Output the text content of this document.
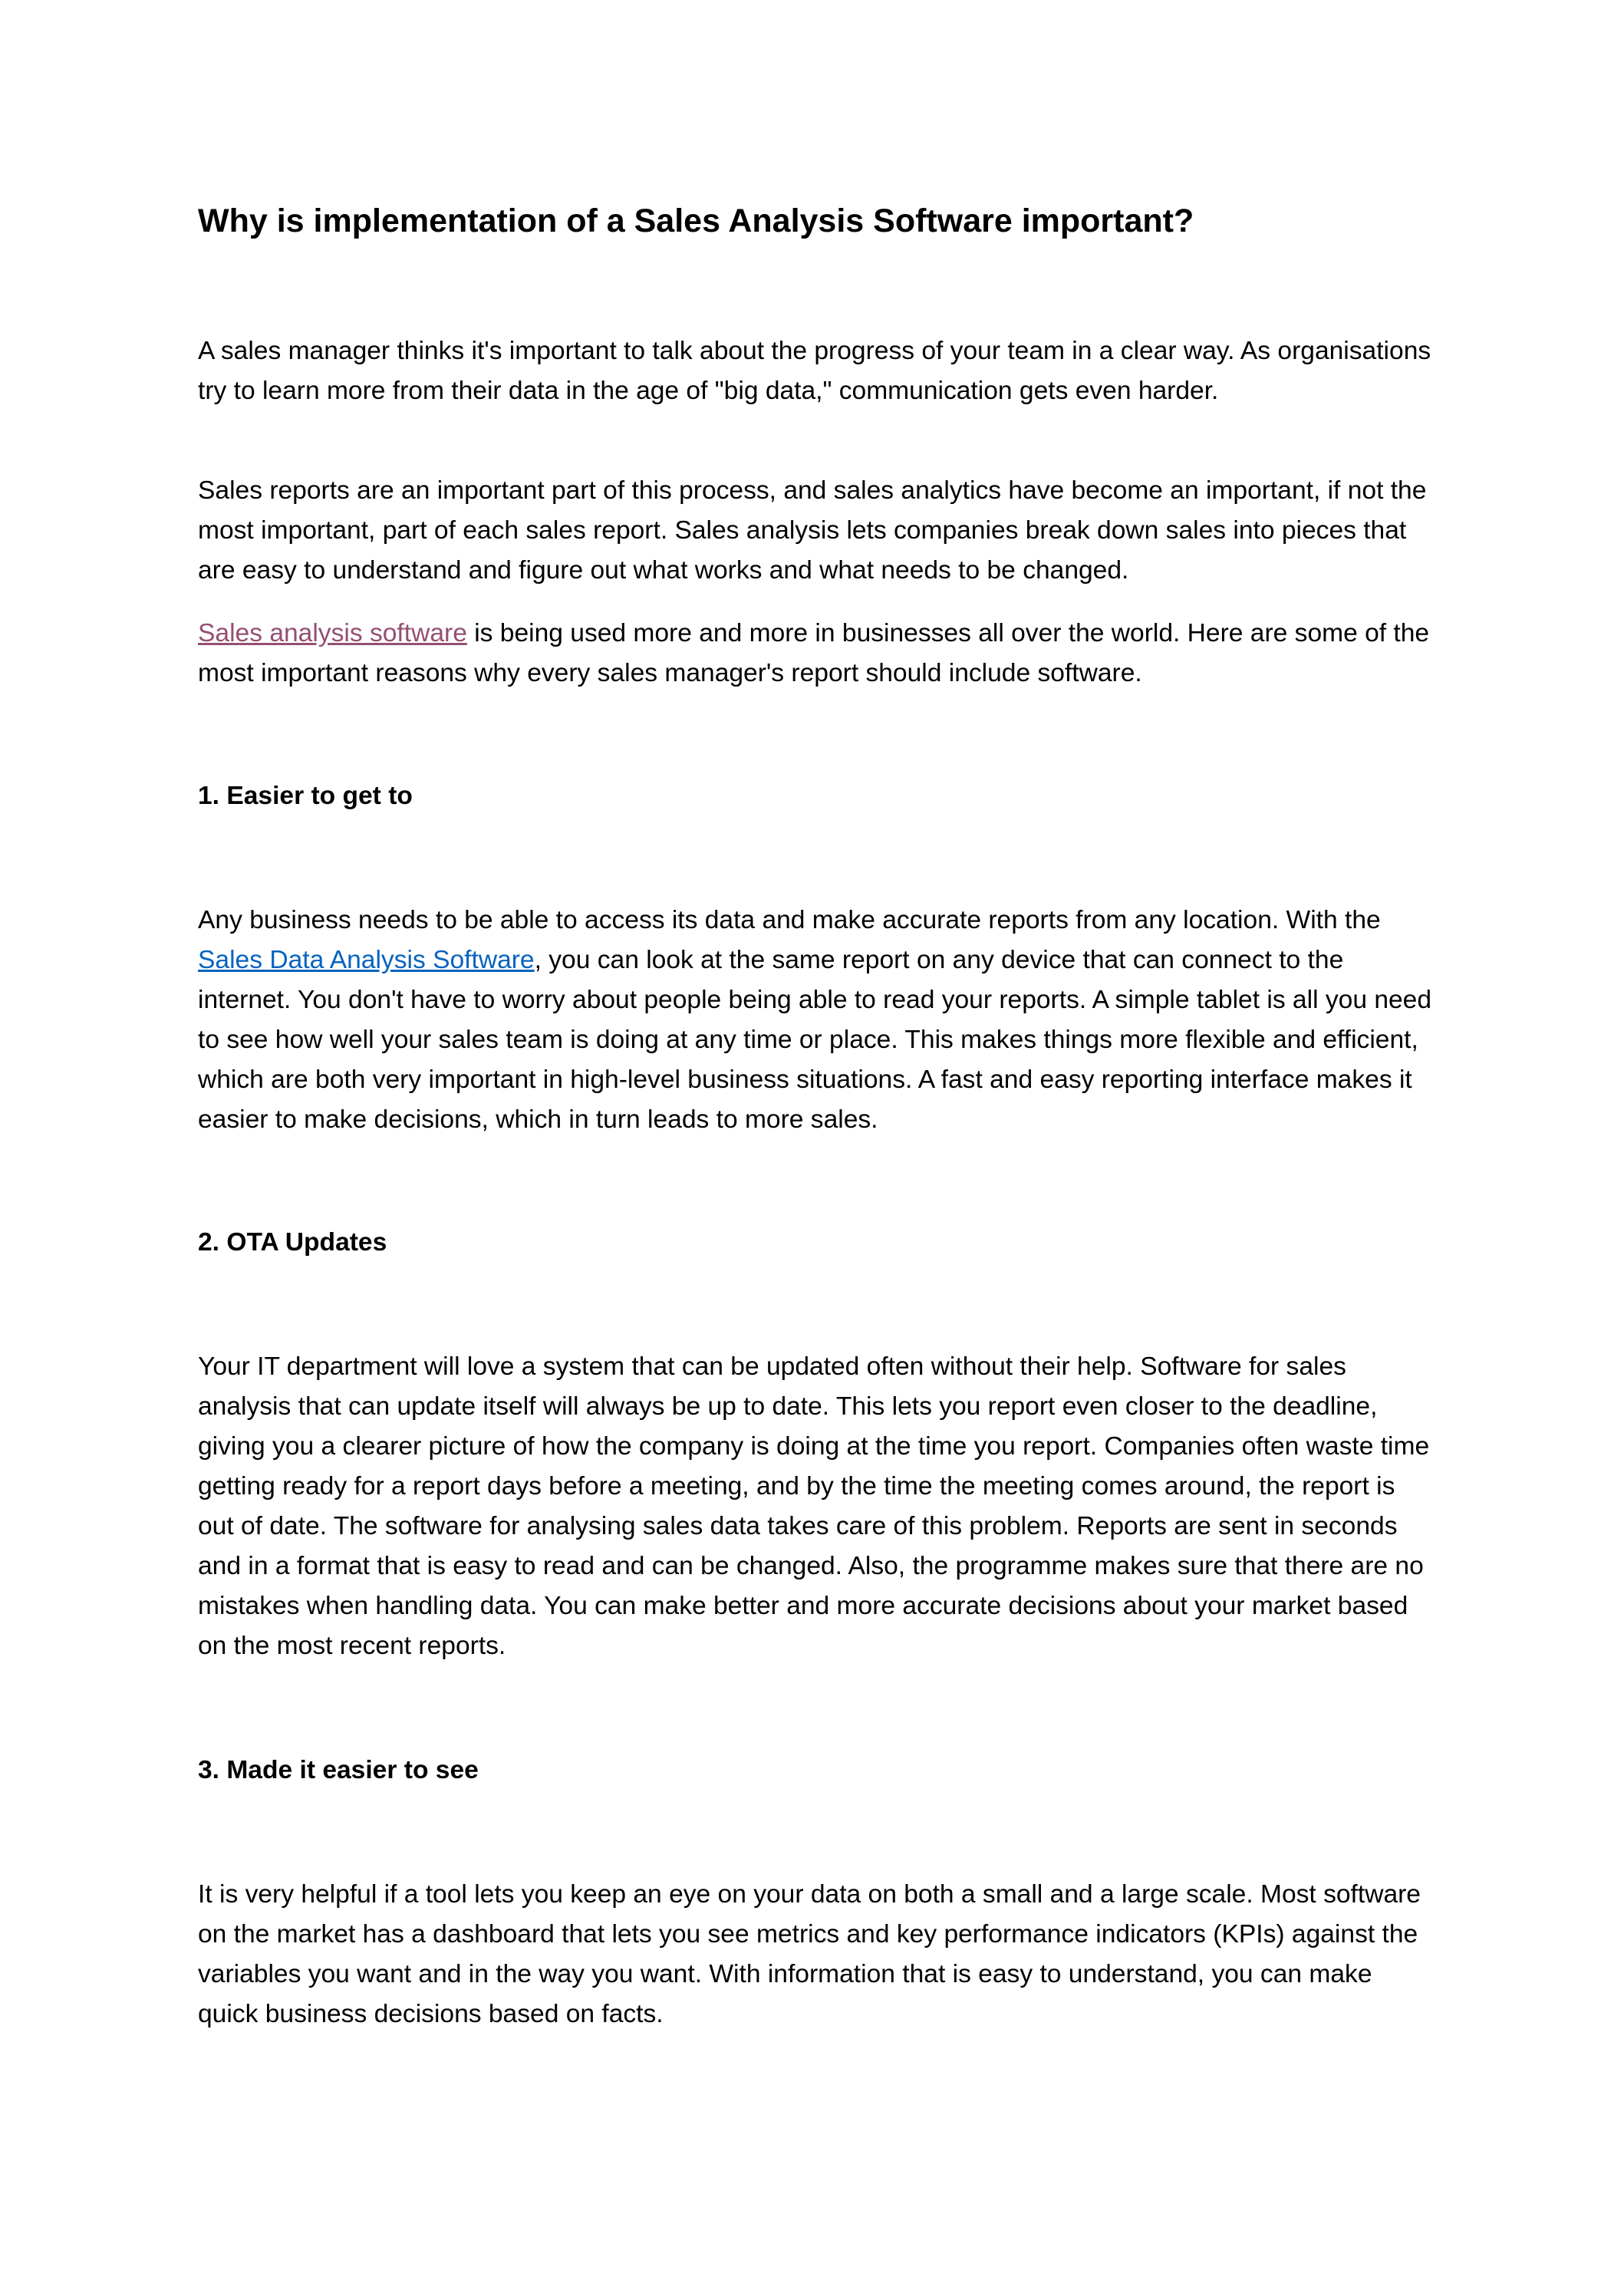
Why is implementation of a Sales Analysis Software important?

A sales manager thinks it's important to talk about the progress of your team in a clear way. As organisations try to learn more from their data in the age of "big data," communication gets even harder.

Sales reports are an important part of this process, and sales analytics have become an important, if not the most important, part of each sales report. Sales analysis lets companies break down sales into pieces that are easy to understand and figure out what works and what needs to be changed.

Sales analysis software is being used more and more in businesses all over the world. Here are some of the most important reasons why every sales manager's report should include software.

1. Easier to get to

Any business needs to be able to access its data and make accurate reports from any location. With the Sales Data Analysis Software, you can look at the same report on any device that can connect to the internet. You don't have to worry about people being able to read your reports. A simple tablet is all you need to see how well your sales team is doing at any time or place. This makes things more flexible and efficient, which are both very important in high-level business situations. A fast and easy reporting interface makes it easier to make decisions, which in turn leads to more sales.

2. OTA Updates

Your IT department will love a system that can be updated often without their help. Software for sales analysis that can update itself will always be up to date. This lets you report even closer to the deadline, giving you a clearer picture of how the company is doing at the time you report. Companies often waste time getting ready for a report days before a meeting, and by the time the meeting comes around, the report is out of date. The software for analysing sales data takes care of this problem. Reports are sent in seconds and in a format that is easy to read and can be changed. Also, the programme makes sure that there are no mistakes when handling data. You can make better and more accurate decisions about your market based on the most recent reports.

3. Made it easier to see

It is very helpful if a tool lets you keep an eye on your data on both a small and a large scale. Most software on the market has a dashboard that lets you see metrics and key performance indicators (KPIs) against the variables you want and in the way you want. With information that is easy to understand, you can make quick business decisions based on facts.
